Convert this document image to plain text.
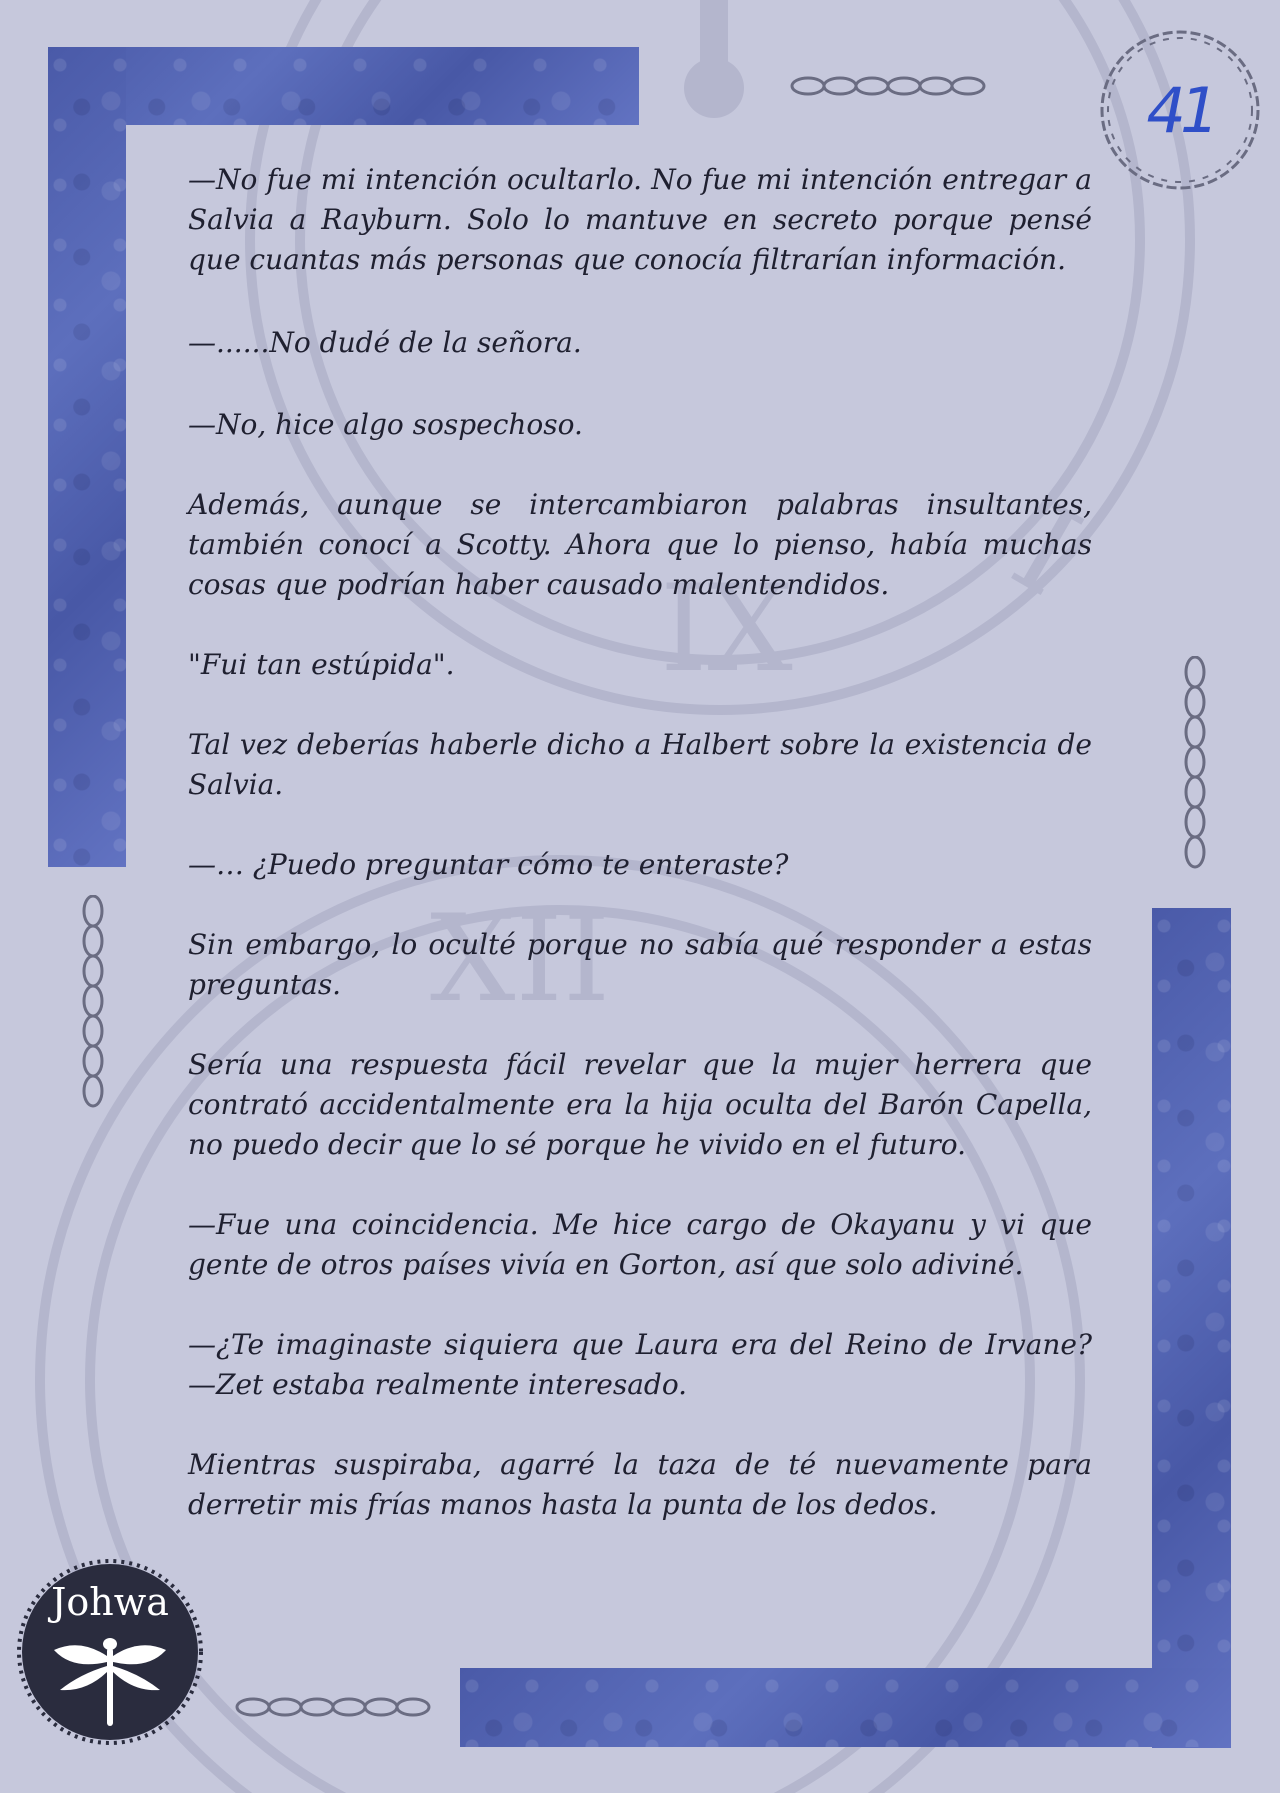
IX
XII
I
41

—No fue mi intención ocultarlo. No fue mi intención entregar a Salvia a Rayburn. Solo lo mantuve en secreto porque pensé que cuantas más personas que conocía filtrarían información.

—......No dudé de la señora.

—No, hice algo sospechoso.

Además, aunque se intercambiaron palabras insultantes, también conocí a Scotty. Ahora que lo pienso, había muchas cosas que podrían haber causado malentendidos.

"Fui tan estúpida".

Tal vez deberías haberle dicho a Halbert sobre la existencia de Salvia.

—… ¿Puedo preguntar cómo te enteraste?

Sin embargo, lo oculté porque no sabía qué responder a estas preguntas.

Sería una respuesta fácil revelar que la mujer herrera que contrató accidentalmente era la hija oculta del Barón Capella, no puedo decir que lo sé porque he vivido en el futuro.

—Fue una coincidencia. Me hice cargo de Okayanu y vi que gente de otros países vivía en Gorton, así que solo adiviné.

—¿Te imaginaste siquiera que Laura era del Reino de Irvane? —Zet estaba realmente interesado.

Mientras suspiraba, agarré la taza de té nuevamente para derretir mis frías manos hasta la punta de los dedos.

Johwa
